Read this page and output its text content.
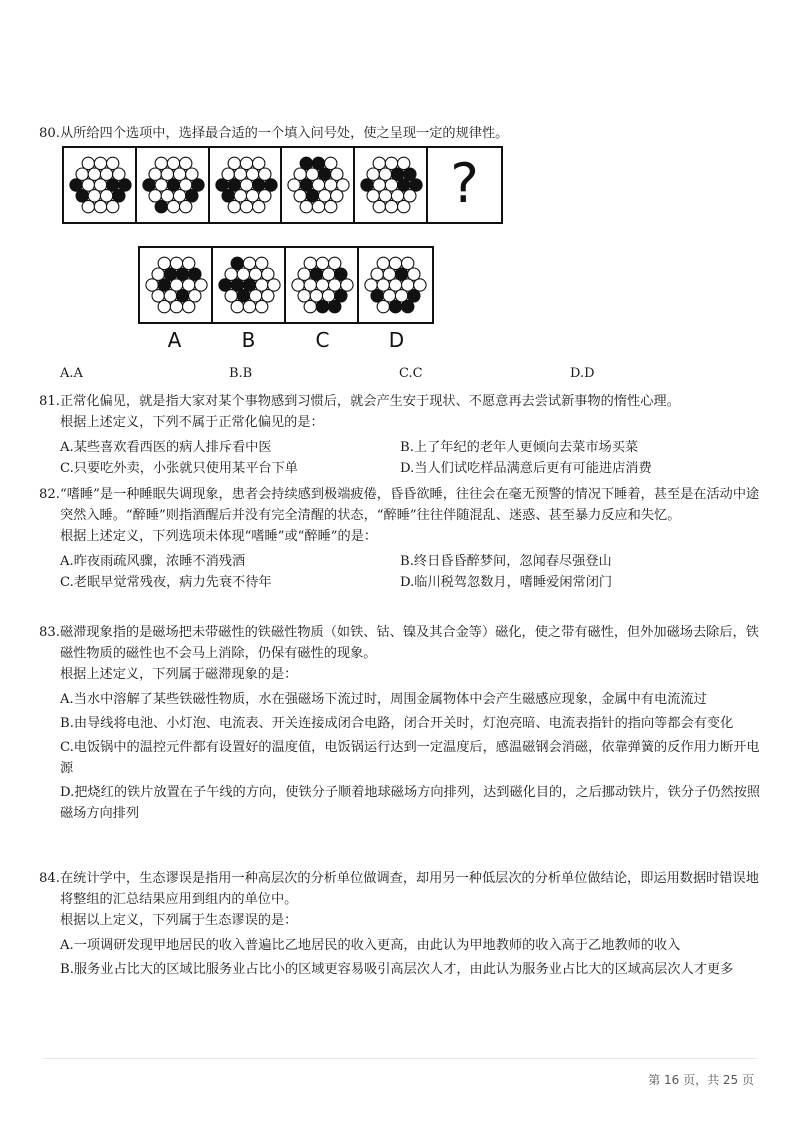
80.从所给四个选项中，选择最合适的一个填入问号处，使之呈现一定的规律性。

?
A	B	C	D
A.A	B.B	C.C	D.D

81.正常化偏见，就是指大家对某个事物感到习惯后，就会产生安于现状、不愿意再去尝试新事物的惰性心理。

根据上述定义，下列不属于正常化偏见的是：

A.某些喜欢看西医的病人排斥看中医	B.上了年纪的老年人更倾向去菜市场买菜
C.只要吃外卖，小张就只使用某平台下单	D.当人们试吃样品满意后更有可能进店消费

82.“嗜睡”是一种睡眠失调现象，患者会持续感到极端疲倦，昏昏欲睡，往往会在毫无预警的情况下睡着，甚至是在活动中途突然入睡。“醉睡”则指酒醒后并没有完全清醒的状态，“醉睡”往往伴随混乱、迷惑、甚至暴力反应和失忆。

根据上述定义，下列选项未体现“嗜睡”或“醉睡”的是：

A.昨夜雨疏风骤，浓睡不消残酒	B.终日昏昏醉梦间，忽闻春尽强登山
C.老眠早觉常残夜，病力先衰不待年	D.临川税驾忽数月，嗜睡爱闲常闭门

83.磁滞现象指的是磁场把未带磁性的铁磁性物质（如铁、钴、镍及其合金等）磁化，使之带有磁性，但外加磁场去除后，铁磁性物质的磁性也不会马上消除，仍保有磁性的现象。

根据上述定义，下列属于磁滞现象的是：

A.当水中溶解了某些铁磁性物质，水在强磁场下流过时，周围金属物体中会产生磁感应现象，金属中有电流流过

B.由导线将电池、小灯泡、电流表、开关连接成闭合电路，闭合开关时，灯泡亮暗、电流表指针的指向等都会有变化

C.电饭锅中的温控元件都有设置好的温度值，电饭锅运行达到一定温度后，感温磁钢会消磁，依靠弹簧的反作用力断开电源

D.把烧红的铁片放置在子午线的方向，使铁分子顺着地球磁场方向排列，达到磁化目的，之后挪动铁片，铁分子仍然按照磁场方向排列

84.在统计学中，生态谬误是指用一种高层次的分析单位做调查，却用另一种低层次的分析单位做结论，即运用数据时错误地将整组的汇总结果应用到组内的单位中。

根据以上定义，下列属于生态谬误的是：

A.一项调研发现甲地居民的收入普遍比乙地居民的收入更高，由此认为甲地教师的收入高于乙地教师的收入

B.服务业占比大的区域比服务业占比小的区域更容易吸引高层次人才，由此认为服务业占比大的区域高层次人才更多

第 16 页，共 25 页
